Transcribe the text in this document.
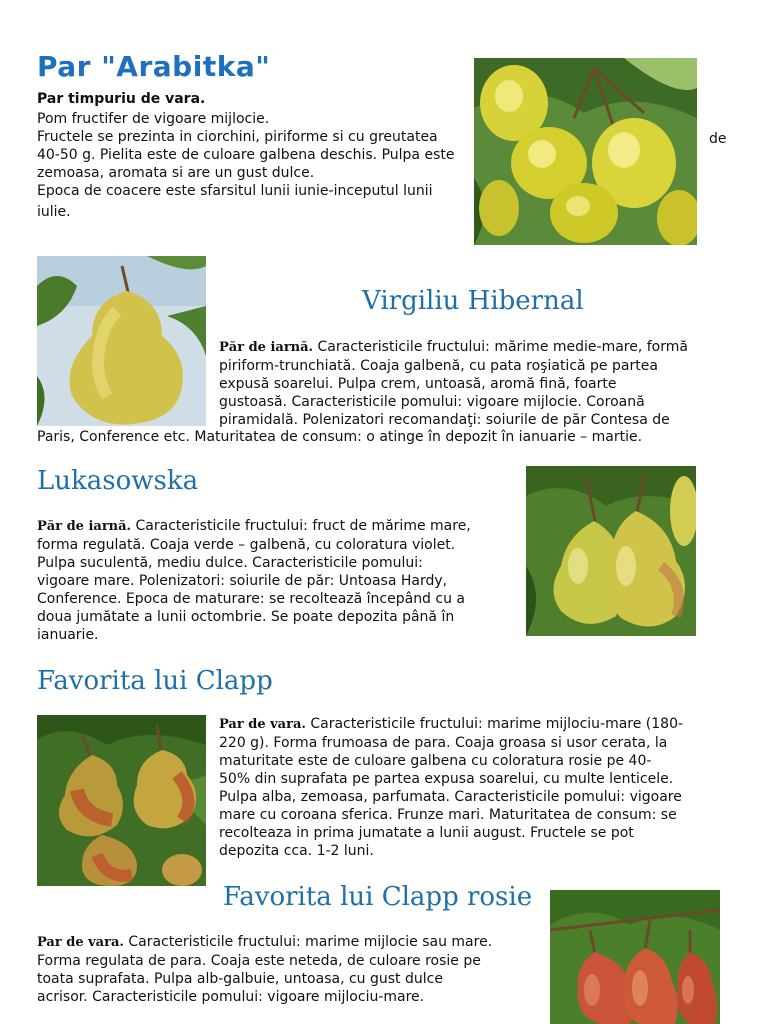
Par "Arabitka"
Par timpuriu de vara.
Pom fructifer de vigoare mijlocie.
Fructele se prezinta in ciorchini, piriforme si cu greutatea
40-50 g. Pielita este de culoare galbena deschis. Pulpa este
zemoasa, aromata si are un gust dulce.
Epoca de coacere este sfarsitul lunii iunie-inceputul lunii
iulie.
de
Virgiliu Hibernal
Păr de iarnă. Caracteristicile fructului: mărime medie-mare, formă
piriform-trunchiată. Coaja galbenă, cu pata roşiatică pe partea
expusă soarelui. Pulpa crem, untoasă, aromă fină, foarte
gustoasă. Caracteristicile pomului: vigoare mijlocie. Coroană
piramidală. Polenizatori recomandaţi: soiurile de păr Contesa de
Paris, Conference etc. Maturitatea de consum: o atinge în depozit în ianuarie – martie.
Lukasowska
Păr de iarnă. Caracteristicile fructului: fruct de mărime mare,
forma regulată. Coaja verde – galbenă, cu coloratura violet.
Pulpa suculentă, mediu dulce. Caracteristicile pomului:
vigoare mare. Polenizatori: soiurile de păr: Untoasa Hardy,
Conference. Epoca de maturare: se recoltează începând cu a
doua jumătate a lunii octombrie. Se poate depozita până în
ianuarie.
Favorita lui Clapp
Par de vara. Caracteristicile fructului: marime mijlociu-mare (180-
220 g). Forma frumoasa de para. Coaja groasa si usor cerata, la
maturitate este de culoare galbena cu coloratura rosie pe 40-
50% din suprafata pe partea expusa soarelui, cu multe lenticele.
Pulpa alba, zemoasa, parfumata. Caracteristicile pomului: vigoare
mare cu coroana sferica. Frunze mari. Maturitatea de consum: se
recolteaza in prima jumatate a lunii august. Fructele se pot
depozita cca. 1-2 luni.
Favorita lui Clapp rosie
Par de vara. Caracteristicile fructului: marime mijlocie sau mare.
Forma regulata de para. Coaja este neteda, de culoare rosie pe
toata suprafata. Pulpa alb-galbuie, untoasa, cu gust dulce
acrisor. Caracteristicile pomului: vigoare mijlociu-mare.
